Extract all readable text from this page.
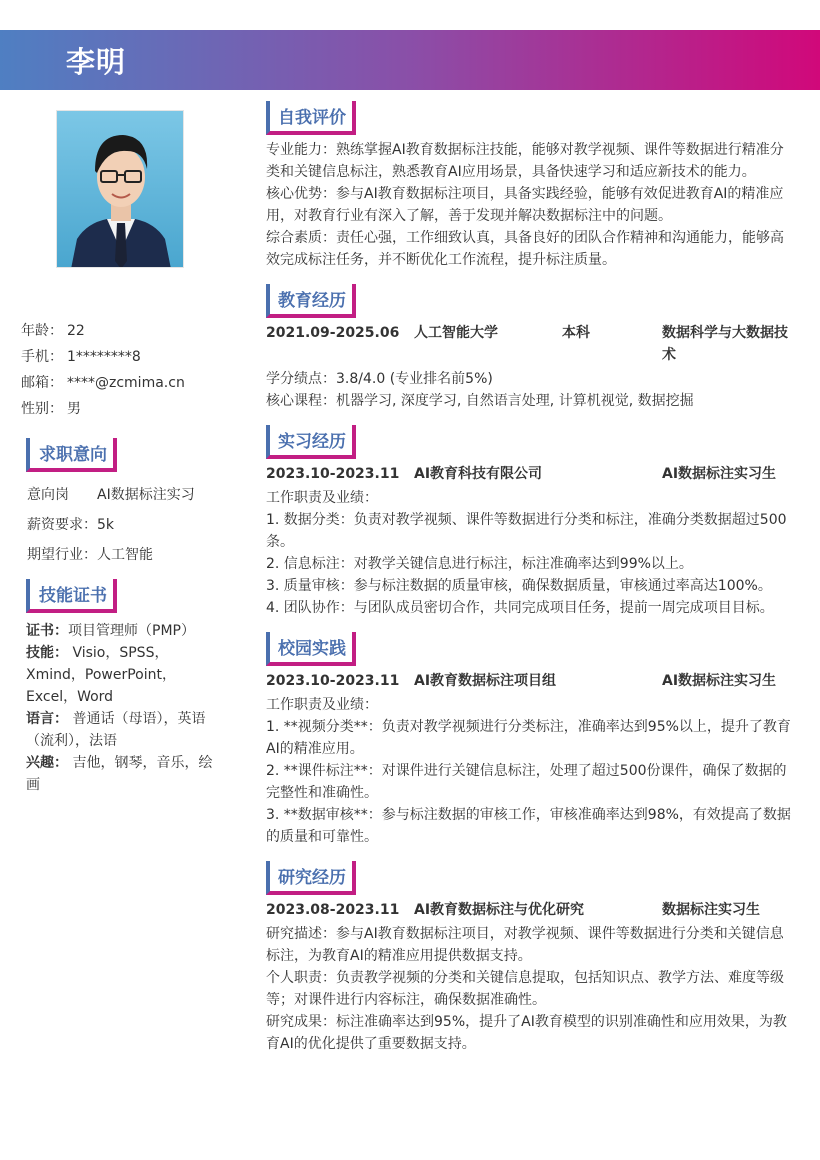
李明
年龄： 22
手机： 1********8
邮箱： ****@zcmima.cn
性别： 男
求职意向
意向岗 AI数据标注实习
薪资要求：5k
期望行业：人工智能
技能证书
证书：项目管理师（PMP）
技能： Visio，SPSS，Xmind，PowerPoint，Excel，Word
语言： 普通话（母语），英语（流利），法语
兴趣： 吉他，钢琴，音乐，绘画
自我评价
专业能力：熟练掌握AI教育数据标注技能，能够对教学视频、课件等数据进行精准分类和关键信息标注，熟悉教育AI应用场景，具备快速学习和适应新技术的能力。
核心优势：参与AI教育数据标注项目，具备实践经验，能够有效促进教育AI的精准应用，对教育行业有深入了解，善于发现并解决数据标注中的问题。
综合素质：责任心强，工作细致认真，具备良好的团队合作精神和沟通能力，能够高效完成标注任务，并不断优化工作流程，提升标注质量。
教育经历
2021.09-2025.06 人工智能大学	本科	数据科学与大数据技
术
学分绩点：3.8/4.0 (专业排名前5%)
核心课程：机器学习, 深度学习, 自然语言处理, 计算机视觉, 数据挖掘
实习经历
2023.10-2023.11 AI教育科技有限公司	AI数据标注实习生
工作职责及业绩：
1. 数据分类：负责对教学视频、课件等数据进行分类和标注，准确分类数据超过500条。
2. 信息标注：对教学关键信息进行标注，标注准确率达到99%以上。
3. 质量审核：参与标注数据的质量审核，确保数据质量，审核通过率高达100%。
4. 团队协作：与团队成员密切合作，共同完成项目任务，提前一周完成项目目标。
校园实践
2023.10-2023.11 AI教育数据标注项目组	AI数据标注实习生
工作职责及业绩：
1. **视频分类**：负责对教学视频进行分类标注，准确率达到95%以上，提升了教育AI的精准应用。
2. **课件标注**：对课件进行关键信息标注，处理了超过500份课件，确保了数据的完整性和准确性。
3. **数据审核**：参与标注数据的审核工作，审核准确率达到98%，有效提高了数据的质量和可靠性。
研究经历
2023.08-2023.11 AI教育数据标注与优化研究	数据标注实习生
研究描述：参与AI教育数据标注项目，对教学视频、课件等数据进行分类和关键信息标注，为教育AI的精准应用提供数据支持。
个人职责：负责教学视频的分类和关键信息提取，包括知识点、教学方法、难度等级等；对课件进行内容标注，确保数据准确性。
研究成果：标注准确率达到95%，提升了AI教育模型的识别准确性和应用效果，为教育AI的优化提供了重要数据支持。
